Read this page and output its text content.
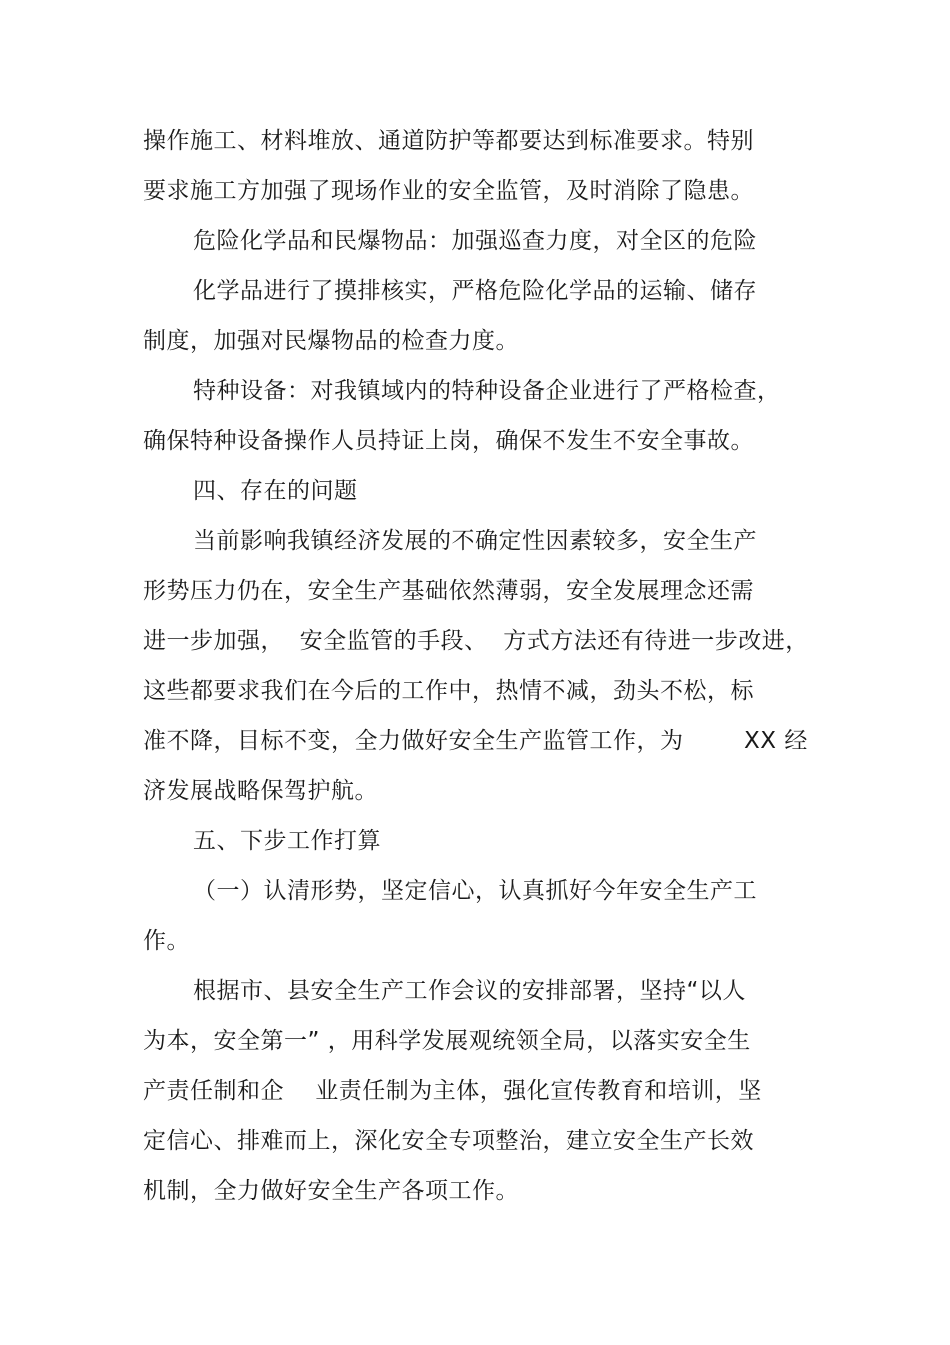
操作施工、材料堆放、通道防护等都要达到标准要求。特别
要求施工方加强了现场作业的安全监管，及时消除了隐患。
危险化学品和民爆物品：加强巡查力度，对全区的危险
化学品进行了摸排核实，严格危险化学品的运输、储存
制度，加强对民爆物品的检查力度。
特种设备：对我镇域内的特种设备企业进行了严格检查，
确保特种设备操作人员持证上岗，确保不发生不安全事故。
四、存在的问题
当前影响我镇经济发展的不确定性因素较多，安全生产
形势压力仍在，安全生产基础依然薄弱，安全发展理念还需
进一步加强，  安全监管的手段、  方式方法还有待进一步改进，
这些都要求我们在今后的工作中，热情不减，劲头不松，标
准不降，目标不变，全力做好安全生产监管工作，为	XX 经
济发展战略保驾护航。
五、下步工作打算
（一）认清形势，坚定信心，认真抓好今年安全生产工
作。
根据市、县安全生产工作会议的安排部署，坚持“以人
为本，安全第一” ，用科学发展观统领全局，以落实安全生
产责任制和企    业责任制为主体，强化宣传教育和培训，坚
定信心、排难而上，深化安全专项整治，建立安全生产长效
机制，全力做好安全生产各项工作。
